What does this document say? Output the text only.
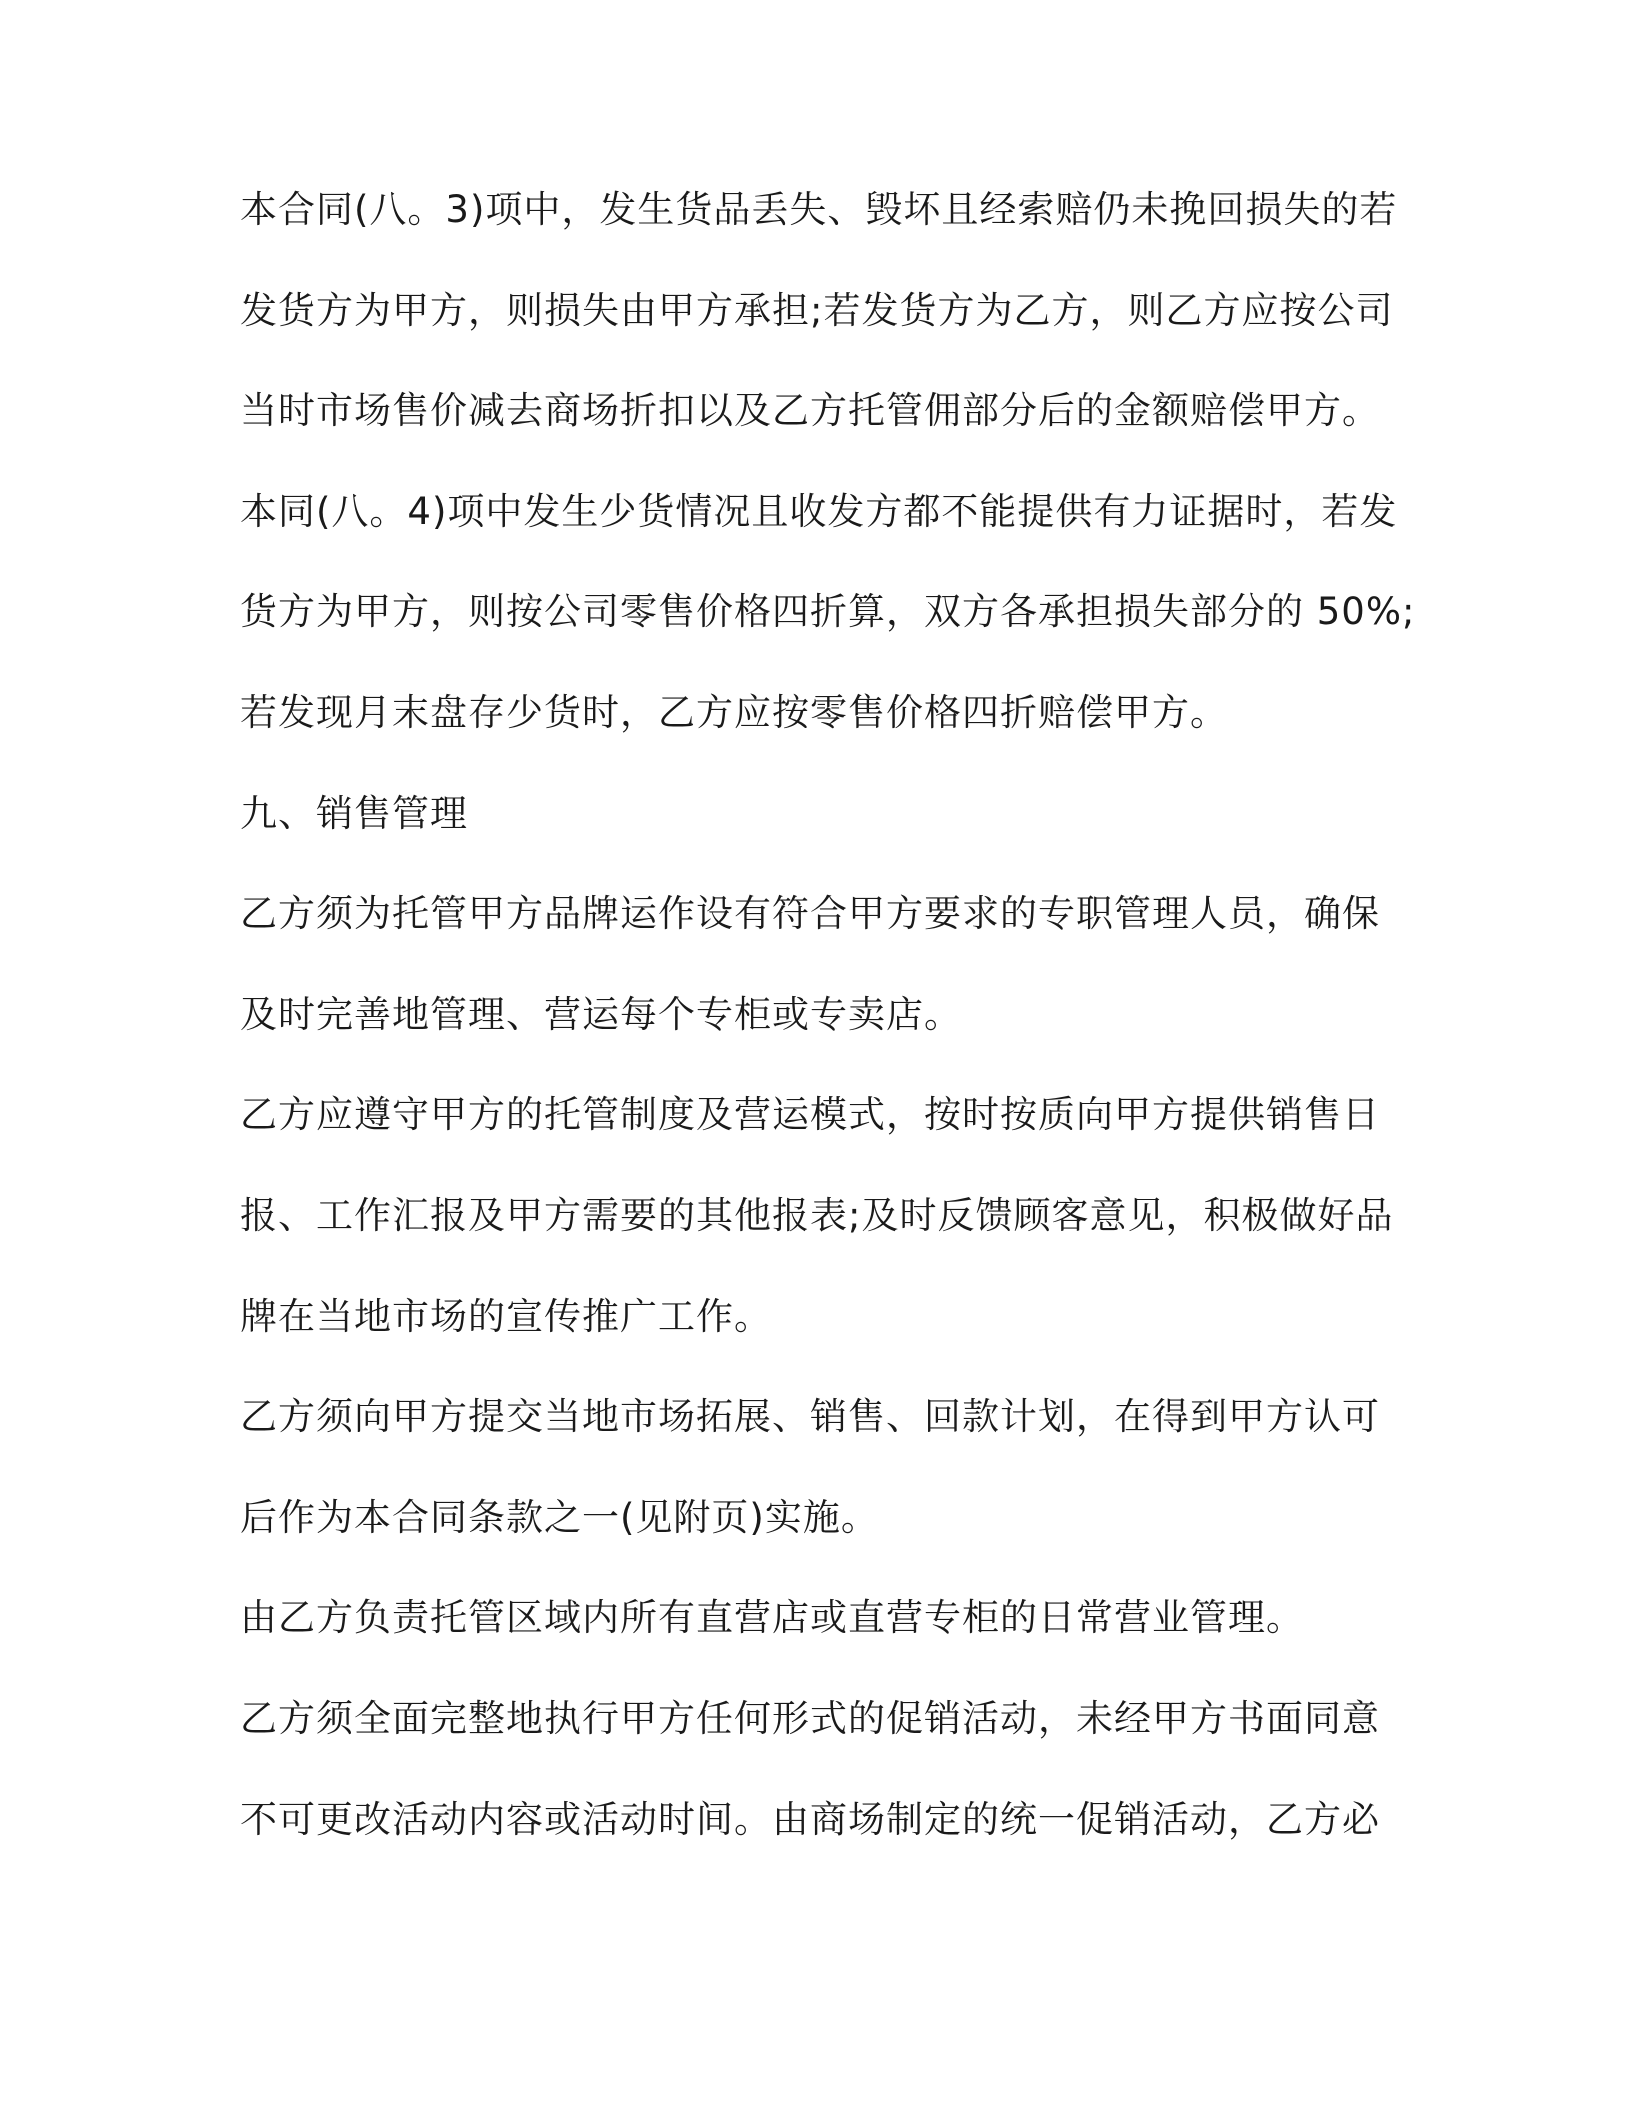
本合同(八。3)项中，发生货品丢失、毁坏且经索赔仍未挽回损失的若
发货方为甲方，则损失由甲方承担;若发货方为乙方，则乙方应按公司
当时市场售价减去商场折扣以及乙方托管佣部分后的金额赔偿甲方。
本同(八。4)项中发生少货情况且收发方都不能提供有力证据时，若发
货方为甲方，则按公司零售价格四折算，双方各承担损失部分的 50%;
若发现月末盘存少货时，乙方应按零售价格四折赔偿甲方。
九、销售管理
乙方须为托管甲方品牌运作设有符合甲方要求的专职管理人员，确保
及时完善地管理、营运每个专柜或专卖店。
乙方应遵守甲方的托管制度及营运模式，按时按质向甲方提供销售日
报、工作汇报及甲方需要的其他报表;及时反馈顾客意见，积极做好品
牌在当地市场的宣传推广工作。
乙方须向甲方提交当地市场拓展、销售、回款计划，在得到甲方认可
后作为本合同条款之一(见附页)实施。
由乙方负责托管区域内所有直营店或直营专柜的日常营业管理。
乙方须全面完整地执行甲方任何形式的促销活动，未经甲方书面同意
不可更改活动内容或活动时间。由商场制定的统一促销活动，乙方必
